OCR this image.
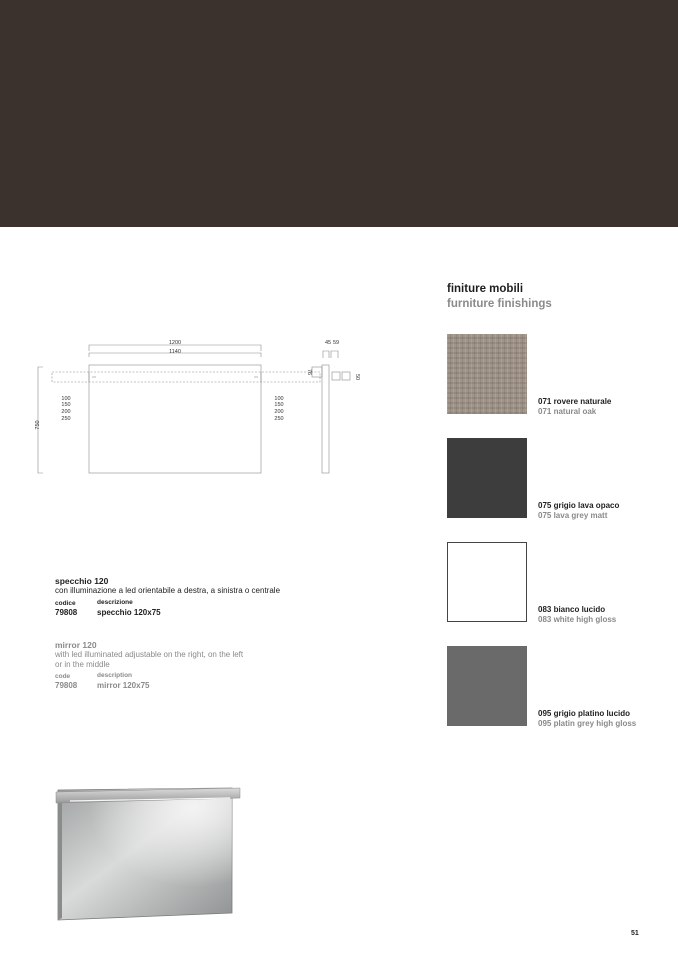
1200
1140
750
100
150
200
250
100
150
200
250
45 59
76
50
finiture mobili
furniture finishings
071 rovere naturale
071 natural oak
075 grigio lava opaco
075 lava grey matt
083 bianco lucido
083 white high gloss
095 grigio platino lucido
095 platin grey high gloss
specchio 120
con illuminazione a led orientabile a destra, a sinistra o centrale
codice	descrizione
79808 specchio 120x75
mirror 120
with led illuminated adjustable on the right, on the left
or in the middle
code	description
79808 mirror 120x75
51
